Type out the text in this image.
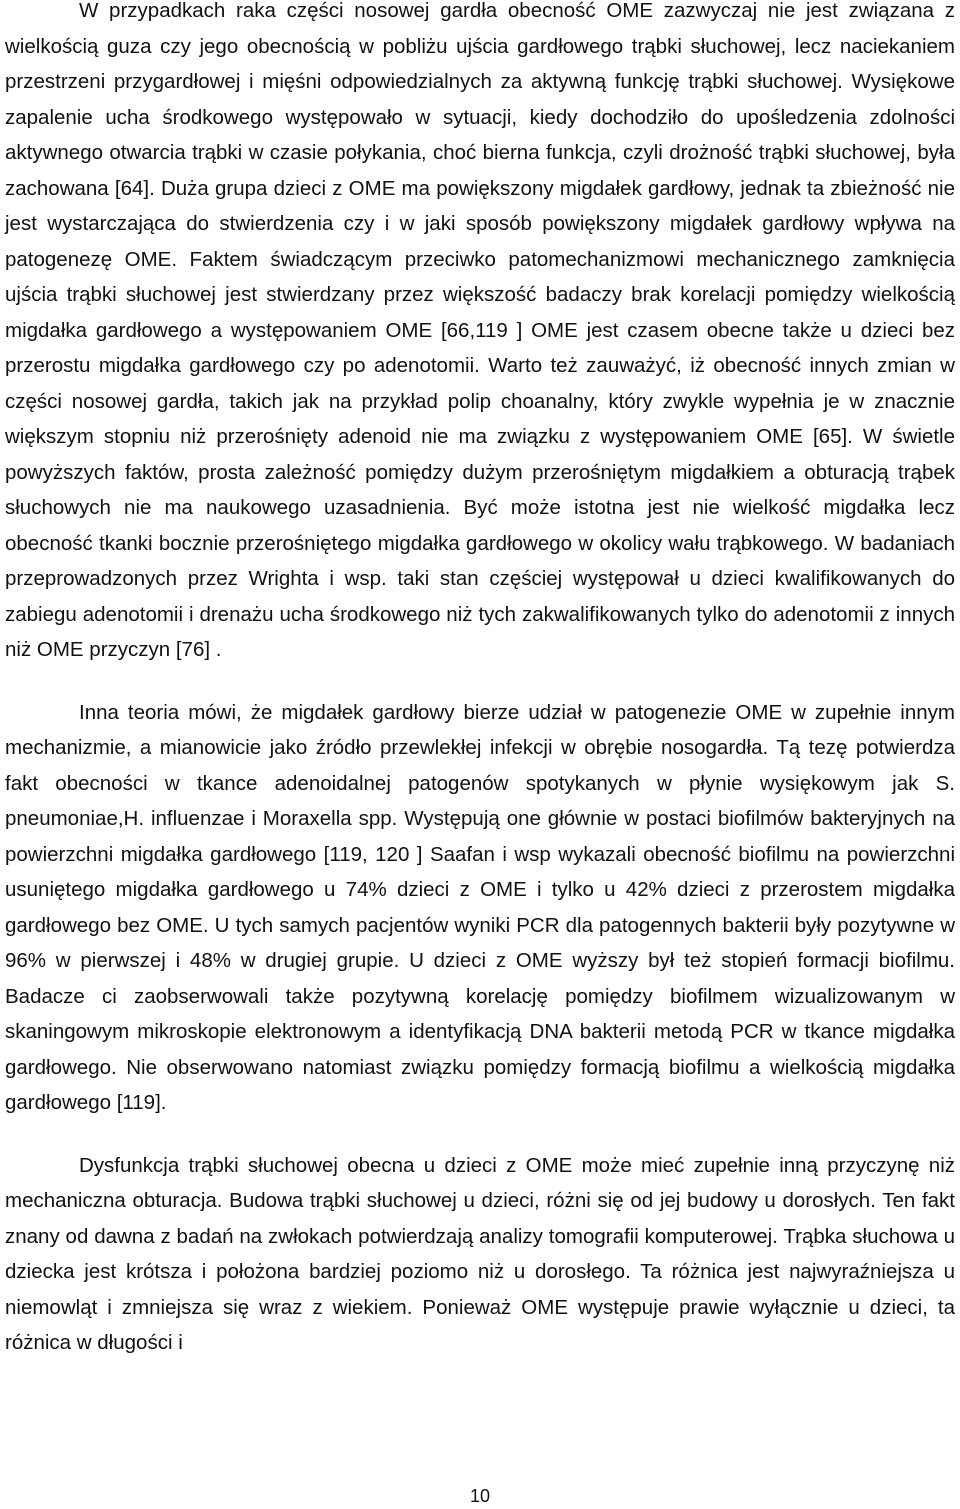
W przypadkach raka części nosowej gardła obecność OME zazwyczaj nie jest związana z wielkością guza czy jego obecnością w pobliżu ujścia gardłowego trąbki słuchowej, lecz naciekaniem przestrzeni przygardłowej i mięśni odpowiedzialnych za aktywną funkcję trąbki słuchowej. Wysiękowe zapalenie ucha środkowego występowało w sytuacji, kiedy dochodziło do upośledzenia zdolności aktywnego otwarcia trąbki w czasie połykania, choć bierna funkcja, czyli drożność trąbki słuchowej, była zachowana [64]. Duża grupa dzieci z OME ma powiększony migdałek gardłowy, jednak ta zbieżność nie jest wystarczająca do stwierdzenia czy i w jaki sposób powiększony migdałek gardłowy wpływa na patogenezę OME. Faktem świadczącym przeciwko patomechanizmowi mechanicznego zamknięcia ujścia trąbki słuchowej jest stwierdzany przez większość badaczy brak korelacji pomiędzy wielkością migdałka gardłowego a występowaniem OME [66,119 ] OME jest czasem obecne także u dzieci bez przerostu migdałka gardłowego czy po adenotomii. Warto też zauważyć, iż obecność innych zmian w części nosowej gardła, takich jak na przykład polip choanalny, który zwykle wypełnia je w znacznie większym stopniu niż przerośnięty adenoid nie ma związku z występowaniem OME [65]. W świetle powyższych faktów, prosta zależność pomiędzy dużym przerośniętym migdałkiem a obturacją trąbek słuchowych nie ma naukowego uzasadnienia. Być może istotna jest nie wielkość migdałka lecz obecność tkanki bocznie przerośniętego migdałka gardłowego w okolicy wału trąbkowego. W badaniach przeprowadzonych przez Wrighta i wsp. taki stan częściej występował u dzieci kwalifikowanych do zabiegu adenotomii i drenażu ucha środkowego niż tych zakwalifikowanych tylko do adenotomii z innych niż OME przyczyn [76] .

Inna teoria mówi, że migdałek gardłowy bierze udział w patogenezie OME w zupełnie innym mechanizmie, a mianowicie jako źródło przewlekłej infekcji w obrębie nosogardła. Tą tezę potwierdza fakt obecności w tkance adenoidalnej patogenów spotykanych w płynie wysiękowym jak S. pneumoniae,H. influenzae i Moraxella spp. Występują one głównie w postaci biofilmów bakteryjnych na powierzchni migdałka gardłowego [119, 120 ] Saafan i wsp wykazali obecność biofilmu na powierzchni usuniętego migdałka gardłowego u 74% dzieci z OME i tylko u 42% dzieci z przerostem migdałka gardłowego bez OME. U tych samych pacjentów wyniki PCR dla patogennych bakterii były pozytywne w 96% w pierwszej i 48% w drugiej grupie. U dzieci z OME wyższy był też stopień formacji biofilmu. Badacze ci zaobserwowali także pozytywną korelację pomiędzy biofilmem wizualizowanym w skaningowym mikroskopie elektronowym a identyfikacją DNA bakterii metodą PCR w tkance migdałka gardłowego. Nie obserwowano natomiast związku pomiędzy formacją biofilmu a wielkością migdałka gardłowego [119].

Dysfunkcja trąbki słuchowej obecna u dzieci z OME może mieć zupełnie inną przyczynę niż mechaniczna obturacja. Budowa trąbki słuchowej u dzieci, różni się od jej budowy u dorosłych. Ten fakt znany od dawna z badań na zwłokach potwierdzają analizy tomografii komputerowej. Trąbka słuchowa u dziecka jest krótsza i położona bardziej poziomo niż u dorosłego. Ta różnica jest najwyraźniejsza u niemowląt i zmniejsza się wraz z wiekiem. Ponieważ OME występuje prawie wyłącznie u dzieci, ta różnica w długości i

10
